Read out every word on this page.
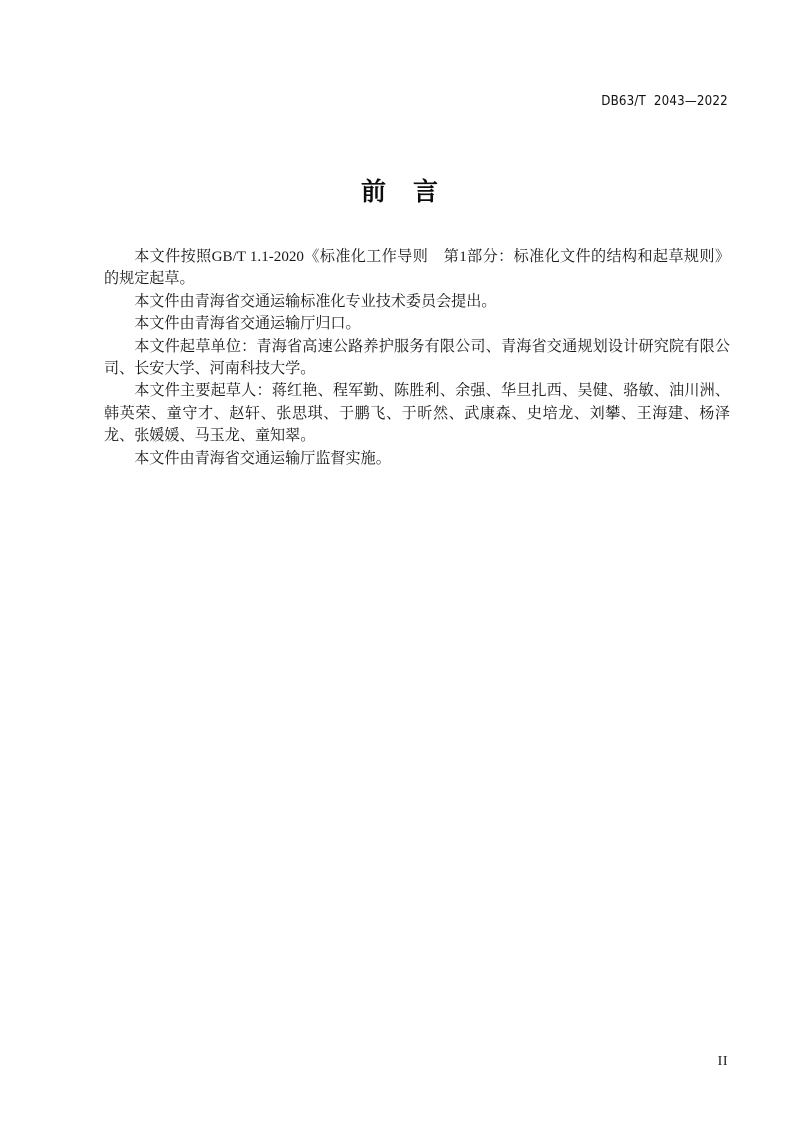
DB63/T  2043—2022
前　言

本文件按照GB/T 1.1-2020《标准化工作导则　第1部分：标准化文件的结构和起草规则》的规定起草。

本文件由青海省交通运输标准化专业技术委员会提出。

本文件由青海省交通运输厅归口。

本文件起草单位：青海省高速公路养护服务有限公司、青海省交通规划设计研究院有限公司、长安大学、河南科技大学。

本文件主要起草人：蒋红艳、程军勤、陈胜利、余强、华旦扎西、吴健、骆敏、油川洲、韩英荣、童守才、赵轩、张思琪、于鹏飞、于昕然、武康森、史培龙、刘攀、王海建、杨泽龙、张媛媛、马玉龙、童知翠。

本文件由青海省交通运输厅监督实施。

II
